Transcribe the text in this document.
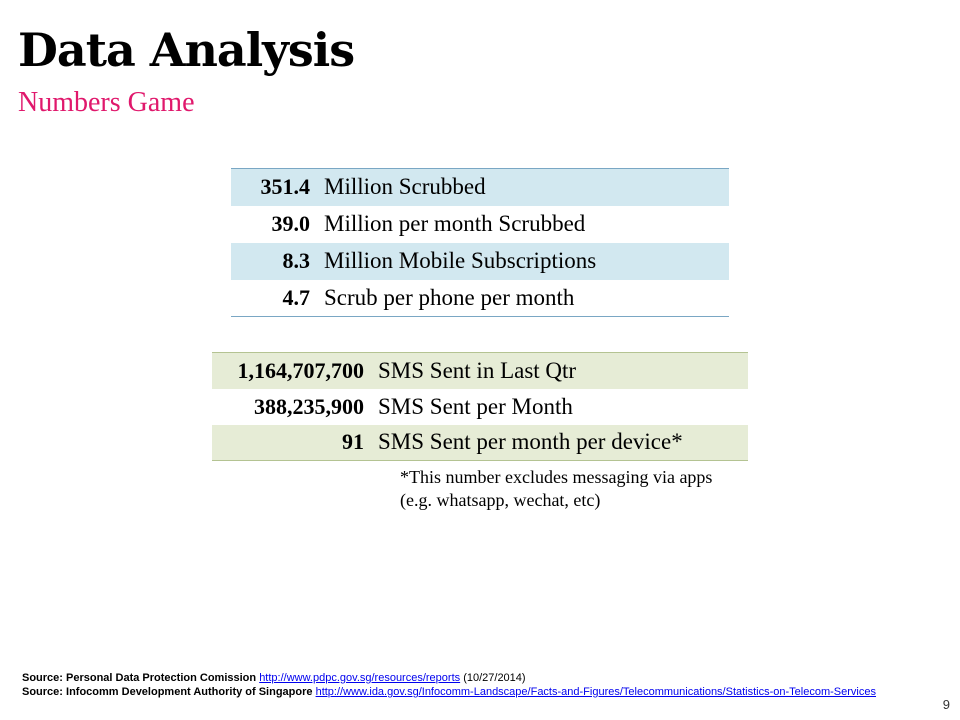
Data Analysis
Numbers Game
351.4	Million Scrubbed
39.0	Million per month Scrubbed
8.3	Million Mobile Subscriptions
4.7	Scrub per phone per month
1,164,707,700	SMS Sent in Last Qtr
388,235,900	SMS Sent per Month
91	SMS Sent per month per device*
*This number excludes messaging via apps
(e.g. whatsapp, wechat, etc)
Source: Personal Data Protection Comission http://www.pdpc.gov.sg/resources/reports (10/27/2014)
Source: Infocomm Development Authority of Singapore http://www.ida.gov.sg/Infocomm-Landscape/Facts-and-Figures/Telecommunications/Statistics-on-Telecom-Services
9
